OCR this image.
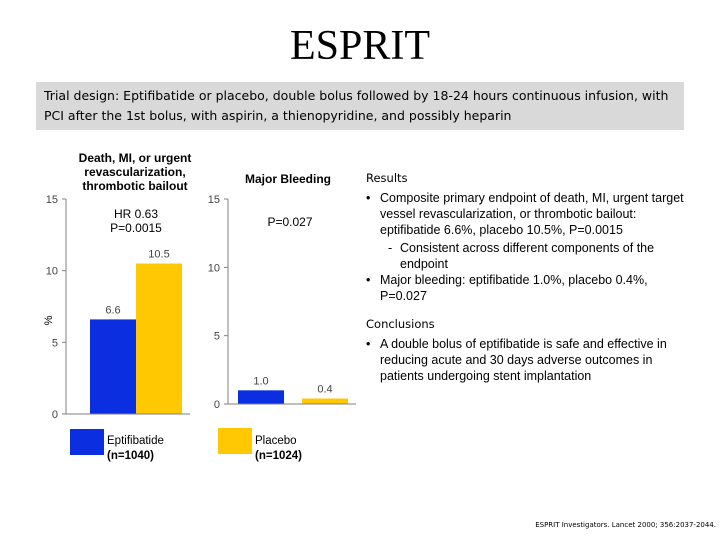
ESPRIT
Trial design: Eptifibatide or placebo, double bolus followed by 18-24 hours continuous infusion, with PCI after the 1st bolus, with aspirin, a thienopyridine, and possibly heparin
Death, MI, or urgent revascularization, thrombotic bailout
0
5
10
15
%
6.6
10.5
HR 0.63
P=0.0015
Major Bleeding
0
5
10
15
1.0
0.4
P=0.027
Eptifibatide
(n=1040)
Placebo
(n=1024)
Results
• Composite primary endpoint of death, MI, urgent target vessel revascularization, or thrombotic bailout: eptifibatide 6.6%, placebo 10.5%, P=0.0015
- Consistent across different components of the endpoint
• Major bleeding: eptifibatide 1.0%, placebo 0.4%, P=0.027
Conclusions
• A double bolus of eptifibatide is safe and effective in reducing acute and 30 days adverse outcomes in patients undergoing stent implantation
ESPRIT Investigators. Lancet 2000; 356:2037-2044.
